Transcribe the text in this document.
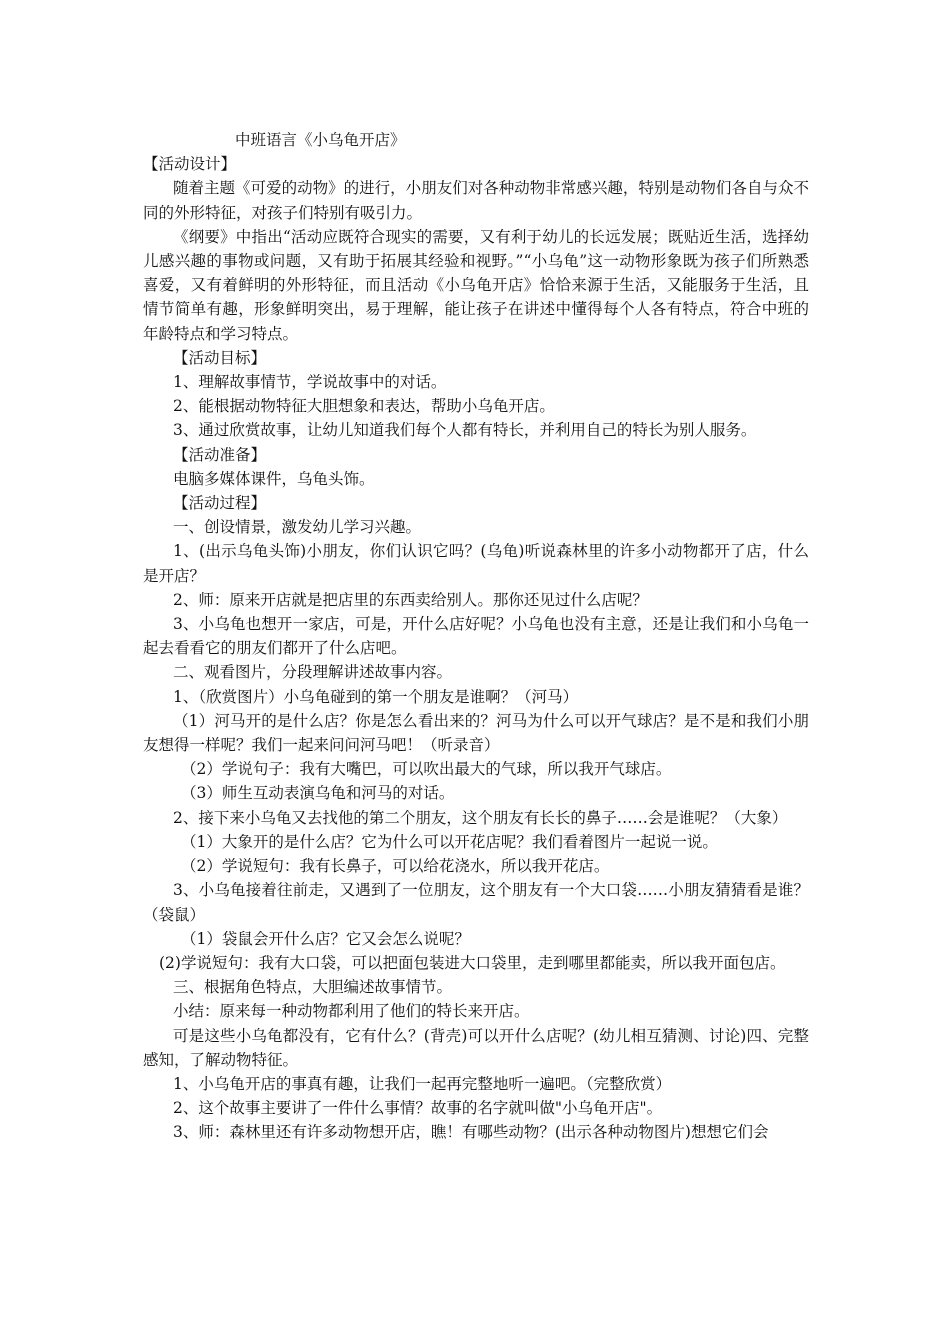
中班语言《小乌龟开店》

【活动设计】

随着主题《可爱的动物》的进行，小朋友们对各种动物非常感兴趣，特别是动物们各自与众不同的外形特征，对孩子们特别有吸引力。

《纲要》中指出“活动应既符合现实的需要，又有利于幼儿的长远发展；既贴近生活，选择幼儿感兴趣的事物或问题，又有助于拓展其经验和视野。”“小乌龟”这一动物形象既为孩子们所熟悉喜爱，又有着鲜明的外形特征，而且活动《小乌龟开店》恰恰来源于生活，又能服务于生活，且情节简单有趣，形象鲜明突出，易于理解，能让孩子在讲述中懂得每个人各有特点，符合中班的年龄特点和学习特点。

【活动目标】

1、理解故事情节，学说故事中的对话。

2、能根据动物特征大胆想象和表达，帮助小乌龟开店。

3、通过欣赏故事，让幼儿知道我们每个人都有特长，并利用自己的特长为别人服务。

【活动准备】

电脑多媒体课件，乌龟头饰。

【活动过程】

一、创设情景，激发幼儿学习兴趣。

1、(出示乌龟头饰)小朋友，你们认识它吗？(乌龟)听说森林里的许多小动物都开了店，什么是开店？

2、师：原来开店就是把店里的东西卖给别人。那你还见过什么店呢？

3、小乌龟也想开一家店，可是，开什么店好呢？小乌龟也没有主意，还是让我们和小乌龟一起去看看它的朋友们都开了什么店吧。

二、观看图片，分段理解讲述故事内容。

1、（欣赏图片）小乌龟碰到的第一个朋友是谁啊？（河马）

（1）河马开的是什么店？你是怎么看出来的？河马为什么可以开气球店？是不是和我们小朋友想得一样呢？我们一起来问问河马吧！（听录音）

（2）学说句子：我有大嘴巴，可以吹出最大的气球，所以我开气球店。

（3）师生互动表演乌龟和河马的对话。

2、接下来小乌龟又去找他的第二个朋友，这个朋友有长长的鼻子……会是谁呢？（大象）

（1）大象开的是什么店？它为什么可以开花店呢？我们看着图片一起说一说。

（2）学说短句：我有长鼻子，可以给花浇水，所以我开花店。

3、小乌龟接着往前走，又遇到了一位朋友，这个朋友有一个大口袋……小朋友猜猜看是谁？（袋鼠）

（1）袋鼠会开什么店？它又会怎么说呢？

(2)学说短句：我有大口袋，可以把面包装进大口袋里，走到哪里都能卖，所以我开面包店。

三、根据角色特点，大胆编述故事情节。

小结：原来每一种动物都利用了他们的特长来开店。

可是这些小乌龟都没有，它有什么？(背壳)可以开什么店呢？(幼儿相互猜测、讨论)四、完整感知，了解动物特征。

1、小乌龟开店的事真有趣，让我们一起再完整地听一遍吧。（完整欣赏）

2、这个故事主要讲了一件什么事情？故事的名字就叫做"小乌龟开店"。

3、师：森林里还有许多动物想开店，瞧！有哪些动物？(出示各种动物图片)想想它们会
